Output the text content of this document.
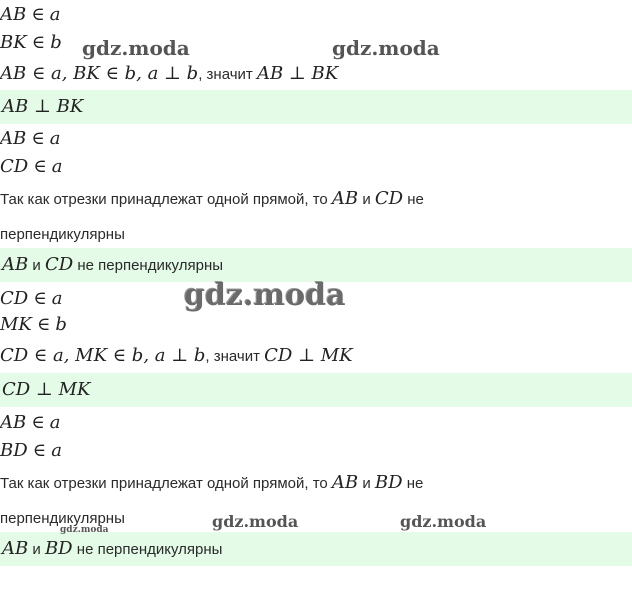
AB ∈ a
BK ∈ b
AB ∈ a, BK ∈ b, a ⊥ b, значит AB ⊥ BK
AB ⊥ BK
AB ∈ a
CD ∈ a
Так как отрезки принадлежат одной прямой, то AB и CD не
перпендикулярны
AB и CD не перпендикулярны
CD ∈ a
MK ∈ b
CD ∈ a, MK ∈ b, a ⊥ b, значит CD ⊥ MK
CD ⊥ MK
AB ∈ a
BD ∈ a
Так как отрезки принадлежат одной прямой, то AB и BD не
перпендикулярны
AB и BD не перпендикулярны
gdz.moda	gdz.moda
gdz.moda
gdz.moda	gdz.moda
gdz.moda
